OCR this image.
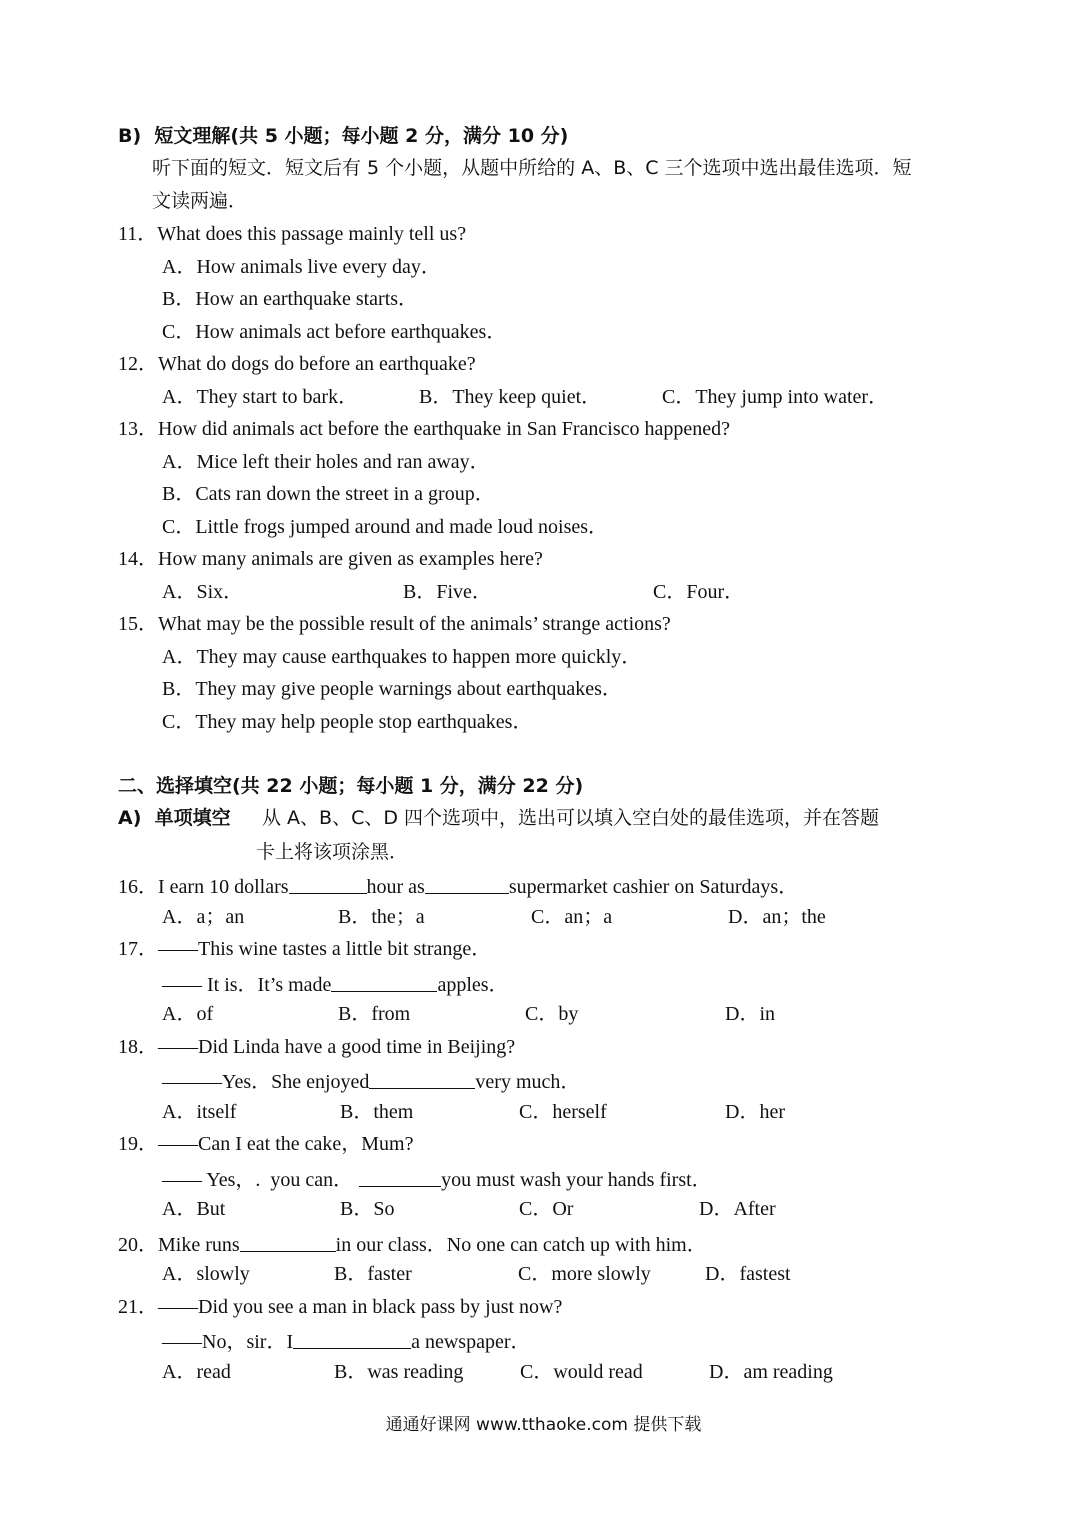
B)  短文理解(共 5 小题；每小题 2 分，满分 10 分)
听下面的短文．短文后有 5 个小题，从题中所给的 A、B、C 三个选项中选出最佳选项．短
文读两遍．
11．What does this passage mainly tell us?
A．How animals live every day．
B．How an earthquake starts．
C．How animals act before earthquakes．
12．What do dogs do before an earthquake?
A．They start to bark．	B．They keep quiet．	C．They jump into water．
13．How did animals act before the earthquake in San Francisco happened?
A．Mice left their holes and ran away．
B．Cats ran down the street in a group．
C．Little frogs jumped around and made loud noises．
14．How many animals are given as examples here?
A．Six．	B．Five．	C．Four．
15．What may be the possible result of the animals’ strange actions?
A．They may cause earthquakes to happen more quickly．
B．They may give people warnings about earthquakes．
C．They may help people stop earthquakes．
二、选择填空(共 22 小题；每小题 1 分，满分 22 分)
A)  单项填空 从 A、B、C、D 四个选项中，选出可以填入空白处的最佳选项，并在答题
卡上将该项涂黑．
16．I earn 10 dollars	hour as	supermarket cashier on Saturdays．
A．a；an	B．the；a	C．an；a	D．an；the
17．——This wine tastes a little bit strange．
—— It is．It’s made	apples．
A．of	B．from	C．by	D．in
18．——Did Linda have a good time in Beijing?
———Yes．She enjoyed	very much．
A．itself	B．them	C．herself	D．her
19．——Can I eat the cake，Mum?
—— Yes，.  you can．	you must wash your hands first．
A．But	B．So	C．Or	D．After
20．Mike runs	in our class．No one can catch up with him．
A．slowly	B．faster	C．more slowly	D．fastest
21．——Did you see a man in black pass by just now?
——No，sir．I	a newspaper．
A．read	B．was reading	C．would read	D．am reading
通通好课网 www.tthaoke.com 提供下载
